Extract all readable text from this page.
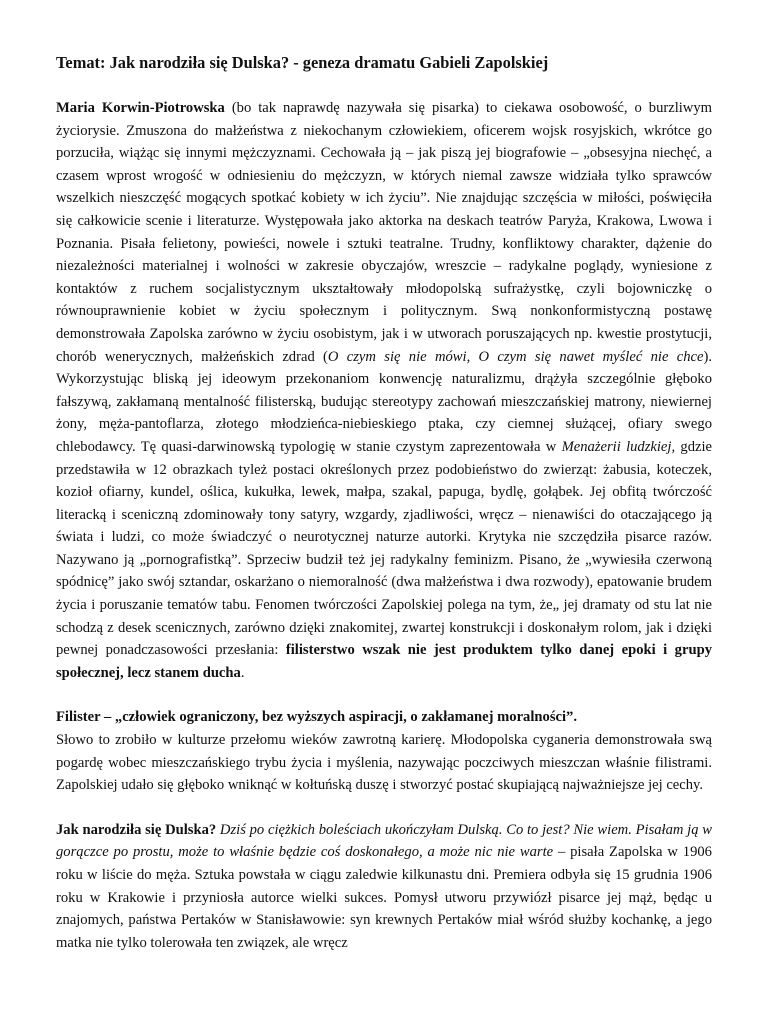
Temat: Jak narodziła się Dulska? - geneza dramatu Gabieli Zapolskiej

Maria Korwin-Piotrowska (bo tak naprawdę nazywała się pisarka) to ciekawa osobowość, o burzliwym życiorysie. Zmuszona do małżeństwa z niekochanym człowiekiem, oficerem wojsk rosyjskich, wkrótce go porzuciła, wiążąc się innymi mężczyznami. Cechowała ją – jak piszą jej biografowie – „obsesyjna niechęć, a czasem wprost wrogość w odniesieniu do mężczyzn, w których niemal zawsze widziała tylko sprawców wszelkich nieszczęść mogących spotkać kobiety w ich życiu”. Nie znajdując szczęścia w miłości, poświęciła się całkowicie scenie i literaturze. Występowała jako aktorka na deskach teatrów Paryża, Krakowa, Lwowa i Poznania. Pisała felietony, powieści, nowele i sztuki teatralne. Trudny, konfliktowy charakter, dążenie do niezależności materialnej i wolności w zakresie obyczajów, wreszcie – radykalne poglądy, wyniesione z kontaktów z ruchem socjalistycznym ukształtowały młodopolską sufrażystkę, czyli bojowniczkę o równouprawnienie kobiet w życiu społecznym i politycznym. Swą nonkonformistyczną postawę demonstrowała Zapolska zarówno w życiu osobistym, jak i w utworach poruszających np. kwestie prostytucji, chorób wenerycznych, małżeńskich zdrad (O czym się nie mówi, O czym się nawet myśleć nie chce). Wykorzystując bliską jej ideowym przekonaniom konwencję naturalizmu, drążyła szczególnie głęboko fałszywą, zakłamaną mentalność filisterską, budując stereotypy zachowań mieszczańskiej matrony, niewiernej żony, męża-pantoflarza, złotego młodzieńca-niebieskiego ptaka, czy ciemnej służącej, ofiary swego chlebodawcy. Tę quasi-darwinowską typologię w stanie czystym zaprezentowała w Menażerii ludzkiej, gdzie przedstawiła w 12 obrazkach tyleż postaci określonych przez podobieństwo do zwierząt: żabusia, koteczek, kozioł ofiarny, kundel, oślica, kukułka, lewek, małpa, szakal, papuga, bydlę, gołąbek. Jej obfitą twórczość literacką i sceniczną zdominowały tony satyry, wzgardy, zjadliwości, wręcz – nienawiści do otaczającego ją świata i ludzi, co może świadczyć o neurotycznej naturze autorki. Krytyka nie szczędziła pisarce razów. Nazywano ją „pornografistką”. Sprzeciw budził też jej radykalny feminizm. Pisano, że „wywiesiła czerwoną spódnicę” jako swój sztandar, oskarżano o niemoralność (dwa małżeństwa i dwa rozwody), epatowanie brudem życia i poruszanie tematów tabu. Fenomen twórczości Zapolskiej polega na tym, że„ jej dramaty od stu lat nie schodzą z desek scenicznych, zarówno dzięki znakomitej, zwartej konstrukcji i doskonałym rolom, jak i dzięki pewnej ponadczasowości przesłania: filisterstwo wszak nie jest produktem tylko danej epoki i grupy społecznej, lecz stanem ducha.

Filister – „człowiek ograniczony, bez wyższych aspiracji, o zakłamanej moralności”.
Słowo to zrobiło w kulturze przełomu wieków zawrotną karierę. Młodopolska cyganeria demonstrowała swą pogardę wobec mieszczańskiego trybu życia i myślenia, nazywając poczciwych mieszczan właśnie filistrami. Zapolskiej udało się głęboko wniknąć w kołtuńską duszę i stworzyć postać skupiającą najważniejsze jej cechy.

Jak narodziła się Dulska? Dziś po ciężkich boleściach ukończyłam Dulską. Co to jest? Nie wiem. Pisałam ją w gorączce po prostu, może to właśnie będzie coś doskonałego, a może nic nie warte – pisała Zapolska w 1906 roku w liście do męża. Sztuka powstała w ciągu zaledwie kilkunastu dni. Premiera odbyła się 15 grudnia 1906 roku w Krakowie i przyniosła autorce wielki sukces. Pomysł utworu przywiózł pisarce jej mąż, będąc u znajomych, państwa Pertaków w Stanisławowie: syn krewnych Pertaków miał wśród służby kochankę, a jego matka nie tylko tolerowała ten związek, ale wręcz
